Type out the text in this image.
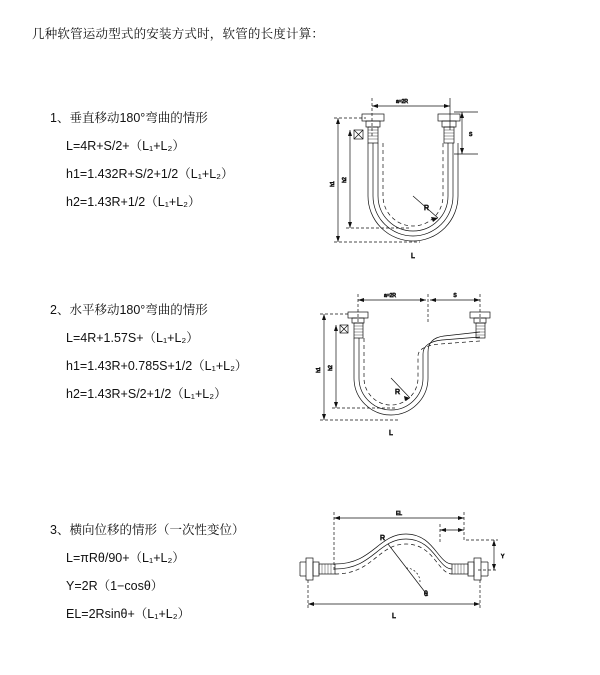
几种软管运动型式的安装方式时，软管的长度计算：
1、垂直移动180°弯曲的情形
L=4R+S/2+（L₁+L₂）
h1=1.432R+S/2+1/2（L₁+L₂）
h2=1.43R+1/2（L₁+L₂）
a=2R
S
R
h1
h2
L
2、水平移动180°弯曲的情形
L=4R+1.57S+（L₁+L₂）
h1=1.43R+0.785S+1/2（L₁+L₂）
h2=1.43R+S/2+1/2（L₁+L₂）
a=2R	S
R
h1 h2
L
3、横向位移的情形（一次性变位）
L=πRθ/90+（L₁+L₂）
Y=2R（1−cosθ）
EL=2Rsinθ+（L₁+L₂）
EL
θ
Y
L
R
